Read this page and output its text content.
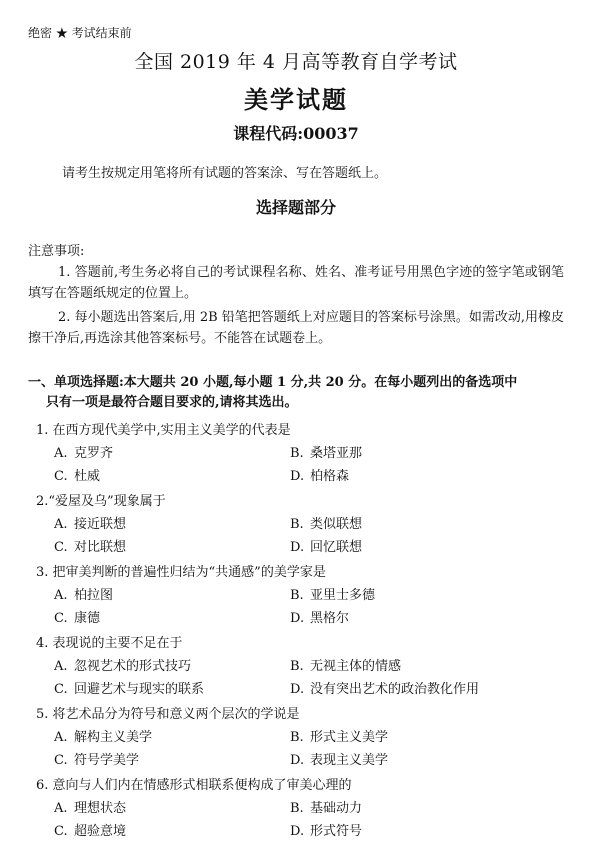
绝密 ★ 考试结束前
全国 2019 年 4 月高等教育自学考试
美学试题
课程代码:00037
请考生按规定用笔将所有试题的答案涂、写在答题纸上。
选择题部分
注意事项:
1. 答题前,考生务必将自己的考试课程名称、姓名、准考证号用黑色字迹的签字笔或钢笔填写在答题纸规定的位置上。
2. 每小题选出答案后,用 2B 铅笔把答题纸上对应题目的答案标号涂黑。如需改动,用橡皮擦干净后,再选涂其他答案标号。不能答在试题卷上。
一、单项选择题:本大题共 20 小题,每小题 1 分,共 20 分。在每小题列出的备选项中
只有一项是最符合题目要求的,请将其选出。
1. 在西方现代美学中,实用主义美学的代表是
A. 克罗齐	B. 桑塔亚那
C. 杜威	D. 柏格森
2.“爱屋及乌”现象属于
A. 接近联想	B. 类似联想
C. 对比联想	D. 回忆联想
3. 把审美判断的普遍性归结为“共通感”的美学家是
A. 柏拉图	B. 亚里士多德
C. 康德	D. 黑格尔
4. 表现说的主要不足在于
A. 忽视艺术的形式技巧	B. 无视主体的情感
C. 回避艺术与现实的联系	D. 没有突出艺术的政治教化作用
5. 将艺术品分为符号和意义两个层次的学说是
A. 解构主义美学	B. 形式主义美学
C. 符号学美学	D. 表现主义美学
6. 意向与人们内在情感形式相联系便构成了审美心理的
A. 理想状态	B. 基础动力
C. 超验意境	D. 形式符号
